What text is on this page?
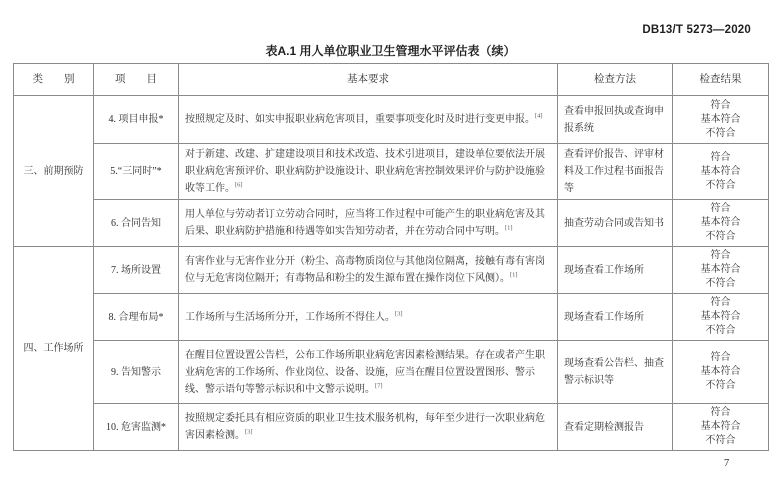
DB13/T 5273—2020
表A.1 用人单位职业卫生管理水平评估表（续）
类　　别	项　　目	基本要求	检查方法	检查结果
三、前期预防	4. 项目申报*	按照规定及时、如实申报职业病危害项目，重要事项变化时及时进行变更申报。[4]	查看申报回执或查询申报系统	符合
基本符合
不符合

	5.“三同时”*	对于新建、改建、扩建建设项目和技术改造、技术引进项目，建设单位要依法开展职业病危害预评价、职业病防护设施设计、职业病危害控制效果评价与防护设施验收等工作。[6]	查看评价报告、评审材料及工作过程书面报告等	符合
基本符合
不符合

	6. 合同告知	用人单位与劳动者订立劳动合同时，应当将工作过程中可能产生的职业病危害及其后果、职业病防护措施和待遇等如实告知劳动者，并在劳动合同中写明。[1]	抽查劳动合同或告知书	符合
基本符合
不符合

四、工作场所	7. 场所设置	有害作业与无害作业分开（粉尘、高毒物质岗位与其他岗位隔离，接触有毒有害岗位与无危害岗位隔开；有毒物品和粉尘的发生源布置在操作岗位下风侧）。[1]	现场查看工作场所	符合
基本符合
不符合

	8. 合理布局*	工作场所与生活场所分开，工作场所不得住人。[3]	现场查看工作场所	符合
基本符合
不符合

	9. 告知警示	在醒目位置设置公告栏，公布工作场所职业病危害因素检测结果。存在或者产生职业病危害的工作场所、作业岗位、设备、设施，应当在醒目位置设置图形、警示线、警示语句等警示标识和中文警示说明。[7]	现场查看公告栏、抽查警示标识等	符合
基本符合
不符合

	10. 危害监测*	按照规定委托具有相应资质的职业卫生技术服务机构，每年至少进行一次职业病危害因素检测。[3]	查看定期检测报告	符合
基本符合
不符合
7
